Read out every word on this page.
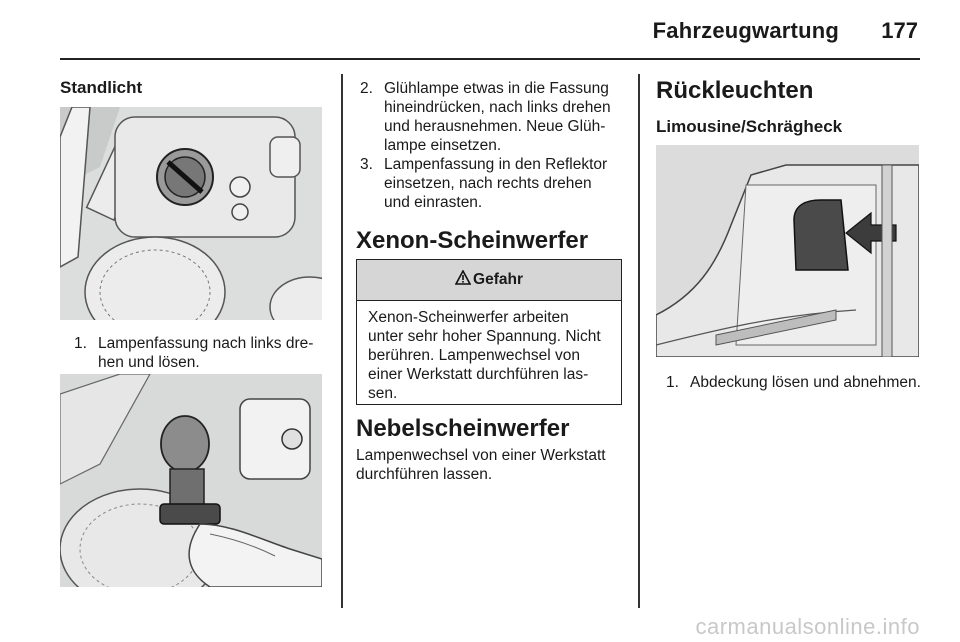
Fahrzeugwartung 177
Standlicht
1. Lampenfassung nach links dre-
hen und lösen.
2. Glühlampe etwas in die Fassung
hineindrücken, nach links drehen
und herausnehmen. Neue Glüh-
lampe einsetzen.
3. Lampenfassung in den Reflektor
einsetzen, nach rechts drehen
und einrasten.
Xenon-Scheinwerfer
Gefahr
Xenon-Scheinwerfer arbeiten
unter sehr hoher Spannung. Nicht
berühren. Lampenwechsel von
einer Werkstatt durchführen las-
sen.
Nebelscheinwerfer
Lampenwechsel von einer Werkstatt
durchführen lassen.
Rückleuchten
Limousine/Schrägheck
1. Abdeckung lösen und abnehmen.
carmanualsonline.info
